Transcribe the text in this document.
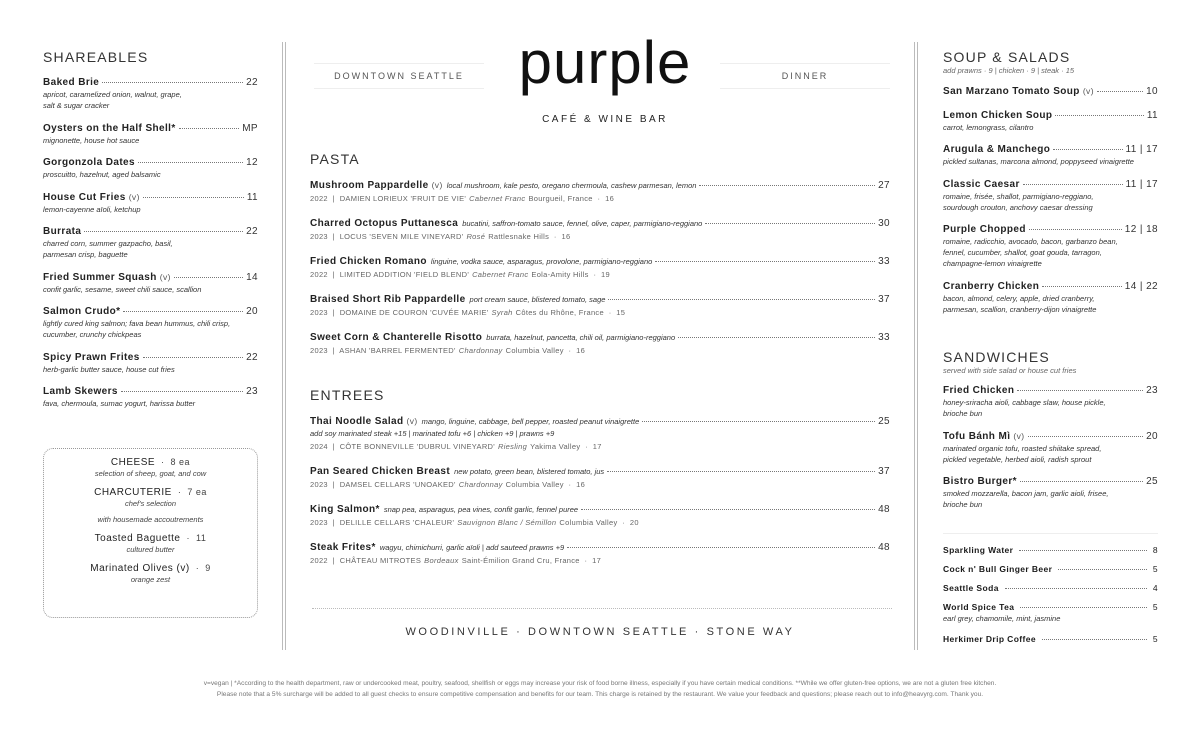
DOWNTOWN SEATTLE purple
CAFÉ & WINE BAR
DINNER
SHAREABLES
Baked Brie	22
apricot, caramelized onion, walnut, grape,
salt & sugar cracker
Oysters on the Half Shell*	MP
mignonette, house hot sauce
Gorgonzola Dates	12
proscuitto, hazelnut, aged balsamic
House Cut Fries (v)	11
lemon-cayenne aïoli, ketchup
Burrata	22
charred corn, summer gazpacho, basil,
parmesan crisp, baguette
Fried Summer Squash (v)	14
confit garlic, sesame, sweet chili sauce, scallion
Salmon Crudo*	20
lightly cured king salmon; fava bean hummus, chili crisp,
cucumber, crunchy chickpeas
Spicy Prawn Frites	22
herb-garlic butter sauce, house cut fries
Lamb Skewers	23
fava, chermoula, sumac yogurt, harissa butter
CHEESE  ·  8 ea
selection of sheep, goat, and cow
CHARCUTERIE  ·  7 ea
chef's selection
with housemade accoutrements
Toasted Baguette  ·  11
cultured butter
Marinated Olives (v)  ·  9
orange zest
PASTA
Mushroom Pappardelle (v) local mushroom, kale pesto, oregano chermoula, cashew parmesan, lemon	27
2022  |  DAMIEN LORIEUX 'FRUIT DE VIE' Cabernet Franc Bourgueil, France  ·  16
Charred Octopus Puttanesca bucatini, saffron-tomato sauce, fennel, olive, caper, parmigiano-reggiano	30
2023  |  LOCUS 'SEVEN MILE VINEYARD' Rosé Rattlesnake Hills  ·  16
Fried Chicken Romano linguine, vodka sauce, asparagus, provolone, parmigiano-reggiano	33
2022  |  LIMITED ADDITION 'FIELD BLEND' Cabernet Franc Eola-Amity Hills  ·  19
Braised Short Rib Pappardelle port cream sauce, blistered tomato, sage	37
2023  |  DOMAINE DE COURON 'CUVÉE MARIE' Syrah Côtes du Rhône, France  ·  15
Sweet Corn & Chanterelle Risotto burrata, hazelnut, pancetta, chili oil, parmigiano-reggiano	33
2023  |  ASHAN 'BARREL FERMENTED' Chardonnay Columbia Valley  ·  16
ENTREES
Thai Noodle Salad (v) mango, linguine, cabbage, bell pepper, roasted peanut vinaigrette	25
add soy marinated steak +15 | marinated tofu +6 | chicken +9 | prawns +9
2024  |  CÔTE BONNEVILLE 'DUBRUL VINEYARD' Riesling Yakima Valley  ·  17
Pan Seared Chicken Breast new potato, green bean, blistered tomato, jus	37
2023  |  DAMSEL CELLARS 'UNOAKED' Chardonnay Columbia Valley  ·  16
King Salmon* snap pea, asparagus, pea vines, confit garlic, fennel puree	48
2023  |  DELILLE CELLARS 'CHALEUR' Sauvignon Blanc / Sémillon Columbia Valley  ·  20
Steak Frites* wagyu, chimichurri, garlic aïoli | add sauteed prawns +9	48
2022  |  CHÂTEAU MITROTES Bordeaux Saint-Émilion Grand Cru, France  ·  17
WOODINVILLE · DOWNTOWN SEATTLE · STONE WAY
SOUP & SALADS
add prawns · 9 | chicken · 9 | steak · 15
San Marzano Tomato Soup (v)	10
Lemon Chicken Soup	11
carrot, lemongrass, cilantro
Arugula & Manchego	11 | 17
pickled sultanas, marcona almond, poppyseed vinaigrette
Classic Caesar	11 | 17
romaine, frisée, shallot, parmigiano-reggiano,
sourdough crouton, anchovy caesar dressing
Purple Chopped	12 | 18
romaine, radicchio, avocado, bacon, garbanzo bean,
fennel, cucumber, shallot, goat gouda, tarragon,
champagne-lemon vinaigrette
Cranberry Chicken	14 | 22
bacon, almond, celery, apple, dried cranberry,
parmesan, scallion, cranberry-dijon vinaigrette
SANDWICHES
served with side salad or house cut fries
Fried Chicken	23
honey-sriracha aioli, cabbage slaw, house pickle,
brioche bun
Tofu Bánh Mì (v)	20
marinated organic tofu, roasted shiitake spread,
pickled vegetable, herbed aioli, radish sprout
Bistro Burger*	25
smoked mozzarella, bacon jam, garlic aioli, frisee,
brioche bun
Sparkling Water	8
Cock n' Bull Ginger Beer	5
Seattle Soda	4
World Spice Tea	5
earl grey, chamomile, mint, jasmine
Herkimer Drip Coffee	5
v=vegan | *According to the health department, raw or undercooked meat, poultry, seafood, shellfish or eggs may increase your risk of food borne illness, especially if you have certain medical conditions. **While we offer gluten-free options, we are not a gluten free kitchen.
Please note that a 5% surcharge will be added to all guest checks to ensure competitive compensation and benefits for our team. This charge is retained by the restaurant. We value your feedback and questions; please reach out to info@heavyrg.com. Thank you.
